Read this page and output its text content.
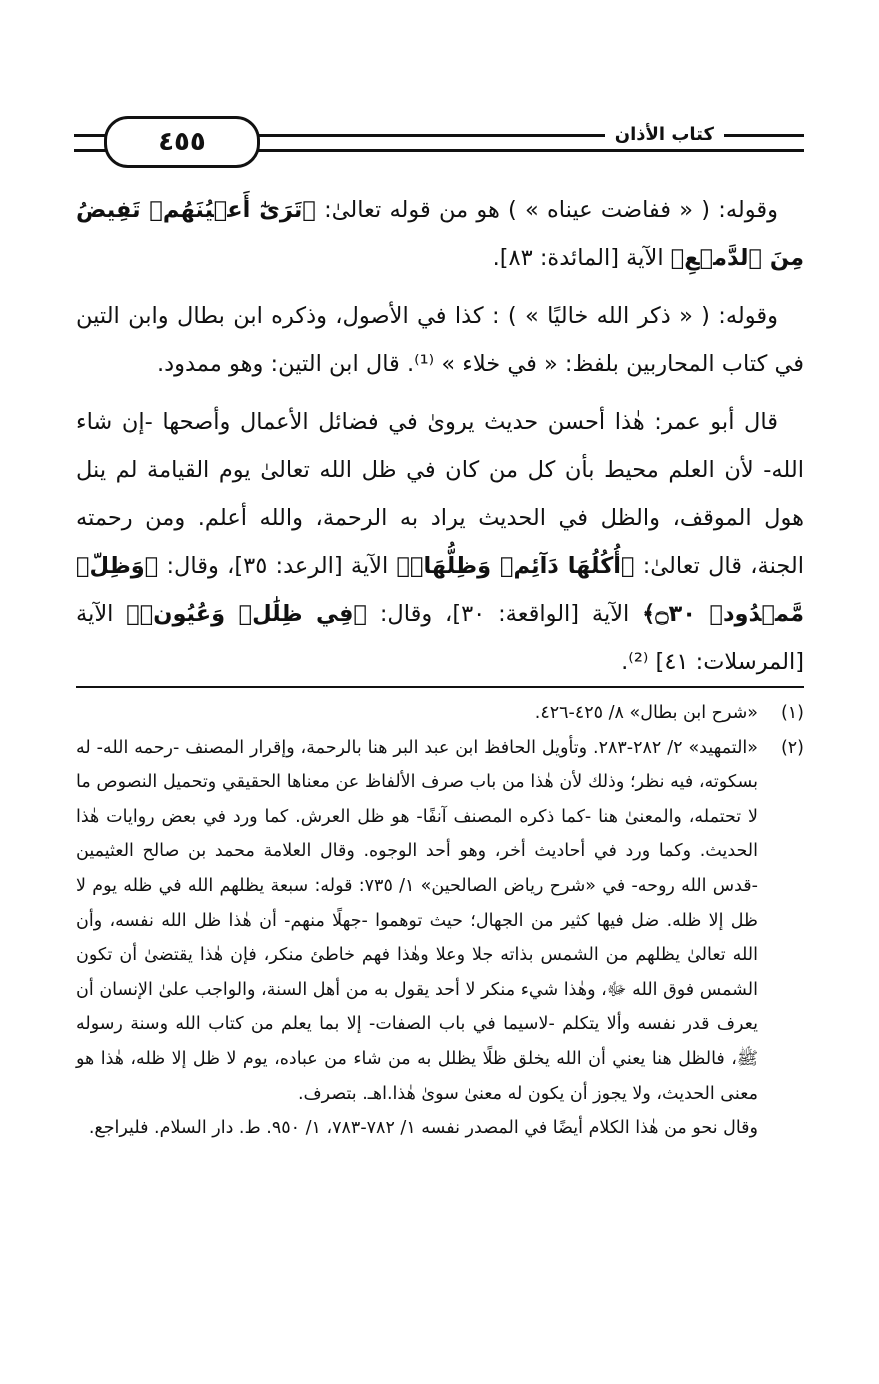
٤٥٥	كتاب الأذان

وقوله: ( « ففاضت عيناه » ) هو من قوله تعالىٰ: ﴿تَرَىٰٓ أَعۡيُنَهُمۡ تَفِيضُ مِنَ ٱلدَّمۡعِ﴾ الآية [المائدة: ٨٣].

وقوله: ( « ذكر الله خاليًا » ) : كذا في الأصول، وذكره ابن بطال وابن التين في كتاب المحاربين بلفظ: « في خلاء » ⁽¹⁾. قال ابن التين: وهو ممدود.

قال أبو عمر: هٰذا أحسن حديث يروىٰ في فضائل الأعمال وأصحها -إن شاء الله- لأن العلم محيط بأن كل من كان في ظل الله تعالىٰ يوم القيامة لم ينل هول الموقف، والظل في الحديث يراد به الرحمة، والله أعلم. ومن رحمته الجنة، قال تعالىٰ: ﴿أُكُلُهَا دَآئِمٞ وَظِلُّهَاۚ﴾ الآية [الرعد: ٣٥]، وقال: ﴿وَظِلّٖ مَّمۡدُودٖ ۝٣٠﴾ الآية [الواقعة: ٣٠]، وقال: ﴿فِي ظِلَٰلٖ وَعُيُونٖ﴾ الآية [المرسلات: ٤١] ⁽²⁾.

(١)
«شرح ابن بطال» ٨/ ٤٢٥-٤٢٦.
(٢)
«التمهيد» ٢/ ٢٨٢-٢٨٣. وتأويل الحافظ ابن عبد البر هنا بالرحمة، وإقرار المصنف -رحمه الله- له بسكوته، فيه نظر؛ وذلك لأن هٰذا من باب صرف الألفاظ عن معناها الحقيقي وتحميل النصوص ما لا تحتمله، والمعنىٰ هنا -كما ذكره المصنف آنفًا- هو ظل العرش. كما ورد في بعض روايات هٰذا الحديث. وكما ورد في أحاديث أخر، وهو أحد الوجوه. وقال العلامة محمد بن صالح العثيمين -قدس الله روحه- في «شرح رياض الصالحين» ١/ ٧٣٥: قوله: سبعة يظلهم الله في ظله يوم لا ظل إلا ظله. ضل فيها كثير من الجهال؛ حيث توهموا -جهلًا منهم- أن هٰذا ظل الله نفسه، وأن الله تعالىٰ يظلهم من الشمس بذاته جلا وعلا وهٰذا فهم خاطئ منكر، فإن هٰذا يقتضىٰ أن تكون الشمس فوق الله ﷻ، وهٰذا شيء منكر لا أحد يقول به من أهل السنة، والواجب علىٰ الإنسان أن يعرف قدر نفسه وألا يتكلم -لاسيما في باب الصفات- إلا بما يعلم من كتاب الله وسنة رسوله ﷺ، فالظل هنا يعني أن الله يخلق ظلًا يظلل به من شاء من عباده، يوم لا ظل إلا ظله، هٰذا هو معنى الحديث، ولا يجوز أن يكون له معنىٰ سوىٰ هٰذا.اهـ. بتصرف.
وقال نحو من هٰذا الكلام أيضًا في المصدر نفسه ١/ ٧٨٢-٧٨٣، ١/ ٩٥٠. ط. دار السلام. فليراجع.
